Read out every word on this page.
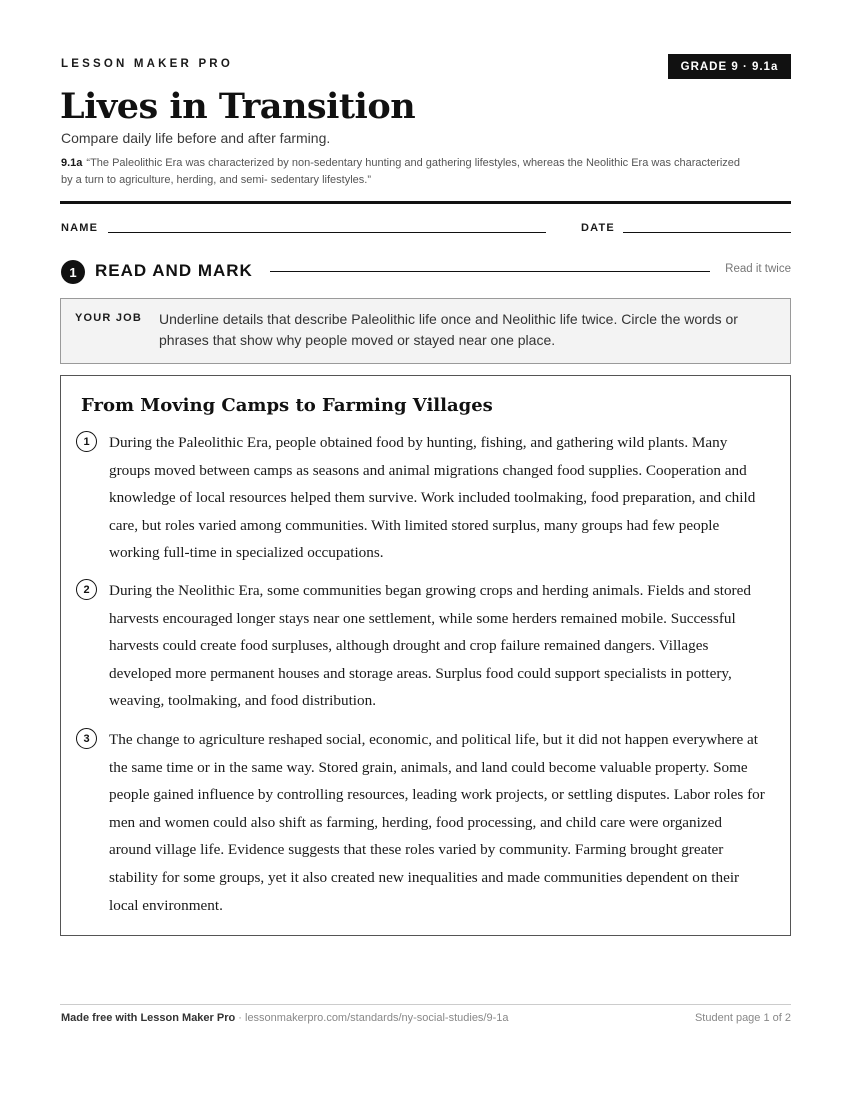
LESSON MAKER PRO	GRADE 9 · 9.1a
Lives in Transition
Compare daily life before and after farming.
9.1a “The Paleolithic Era was characterized by non-sedentary hunting and gathering lifestyles, whereas the Neolithic Era was characterized by a turn to agriculture, herding, and semi- sedentary lifestyles.”
NAME	DATE
1	READ AND MARK	Read it twice
YOUR JOB Underline details that describe Paleolithic life once and Neolithic life twice. Circle the words or phrases that show why people moved or stayed near one place.
From Moving Camps to Farming Villages
1	During the Paleolithic Era, people obtained food by hunting, fishing, and gathering wild plants. Many groups moved between camps as seasons and animal migrations changed food supplies. Cooperation and knowledge of local resources helped them survive. Work included toolmaking, food preparation, and child care, but roles varied among communities. With limited stored surplus, many groups had few people working full-time in specialized occupations.

2	During the Neolithic Era, some communities began growing crops and herding animals. Fields and stored harvests encouraged longer stays near one settlement, while some herders remained mobile. Successful harvests could create food surpluses, although drought and crop failure remained dangers. Villages developed more permanent houses and storage areas. Surplus food could support specialists in pottery, weaving, toolmaking, and food distribution.

3	The change to agriculture reshaped social, economic, and political life, but it did not happen everywhere at the same time or in the same way. Stored grain, animals, and land could become valuable property. Some people gained influence by controlling resources, leading work projects, or settling disputes. Labor roles for men and women could also shift as farming, herding, food processing, and child care were organized around village life. Evidence suggests that these roles varied by community. Farming brought greater stability for some groups, yet it also created new inequalities and made communities dependent on their local environment.

Made free with Lesson Maker Pro · lessonmakerpro.com/standards/ny-social-studies/9-1a	Student page 1 of 2
